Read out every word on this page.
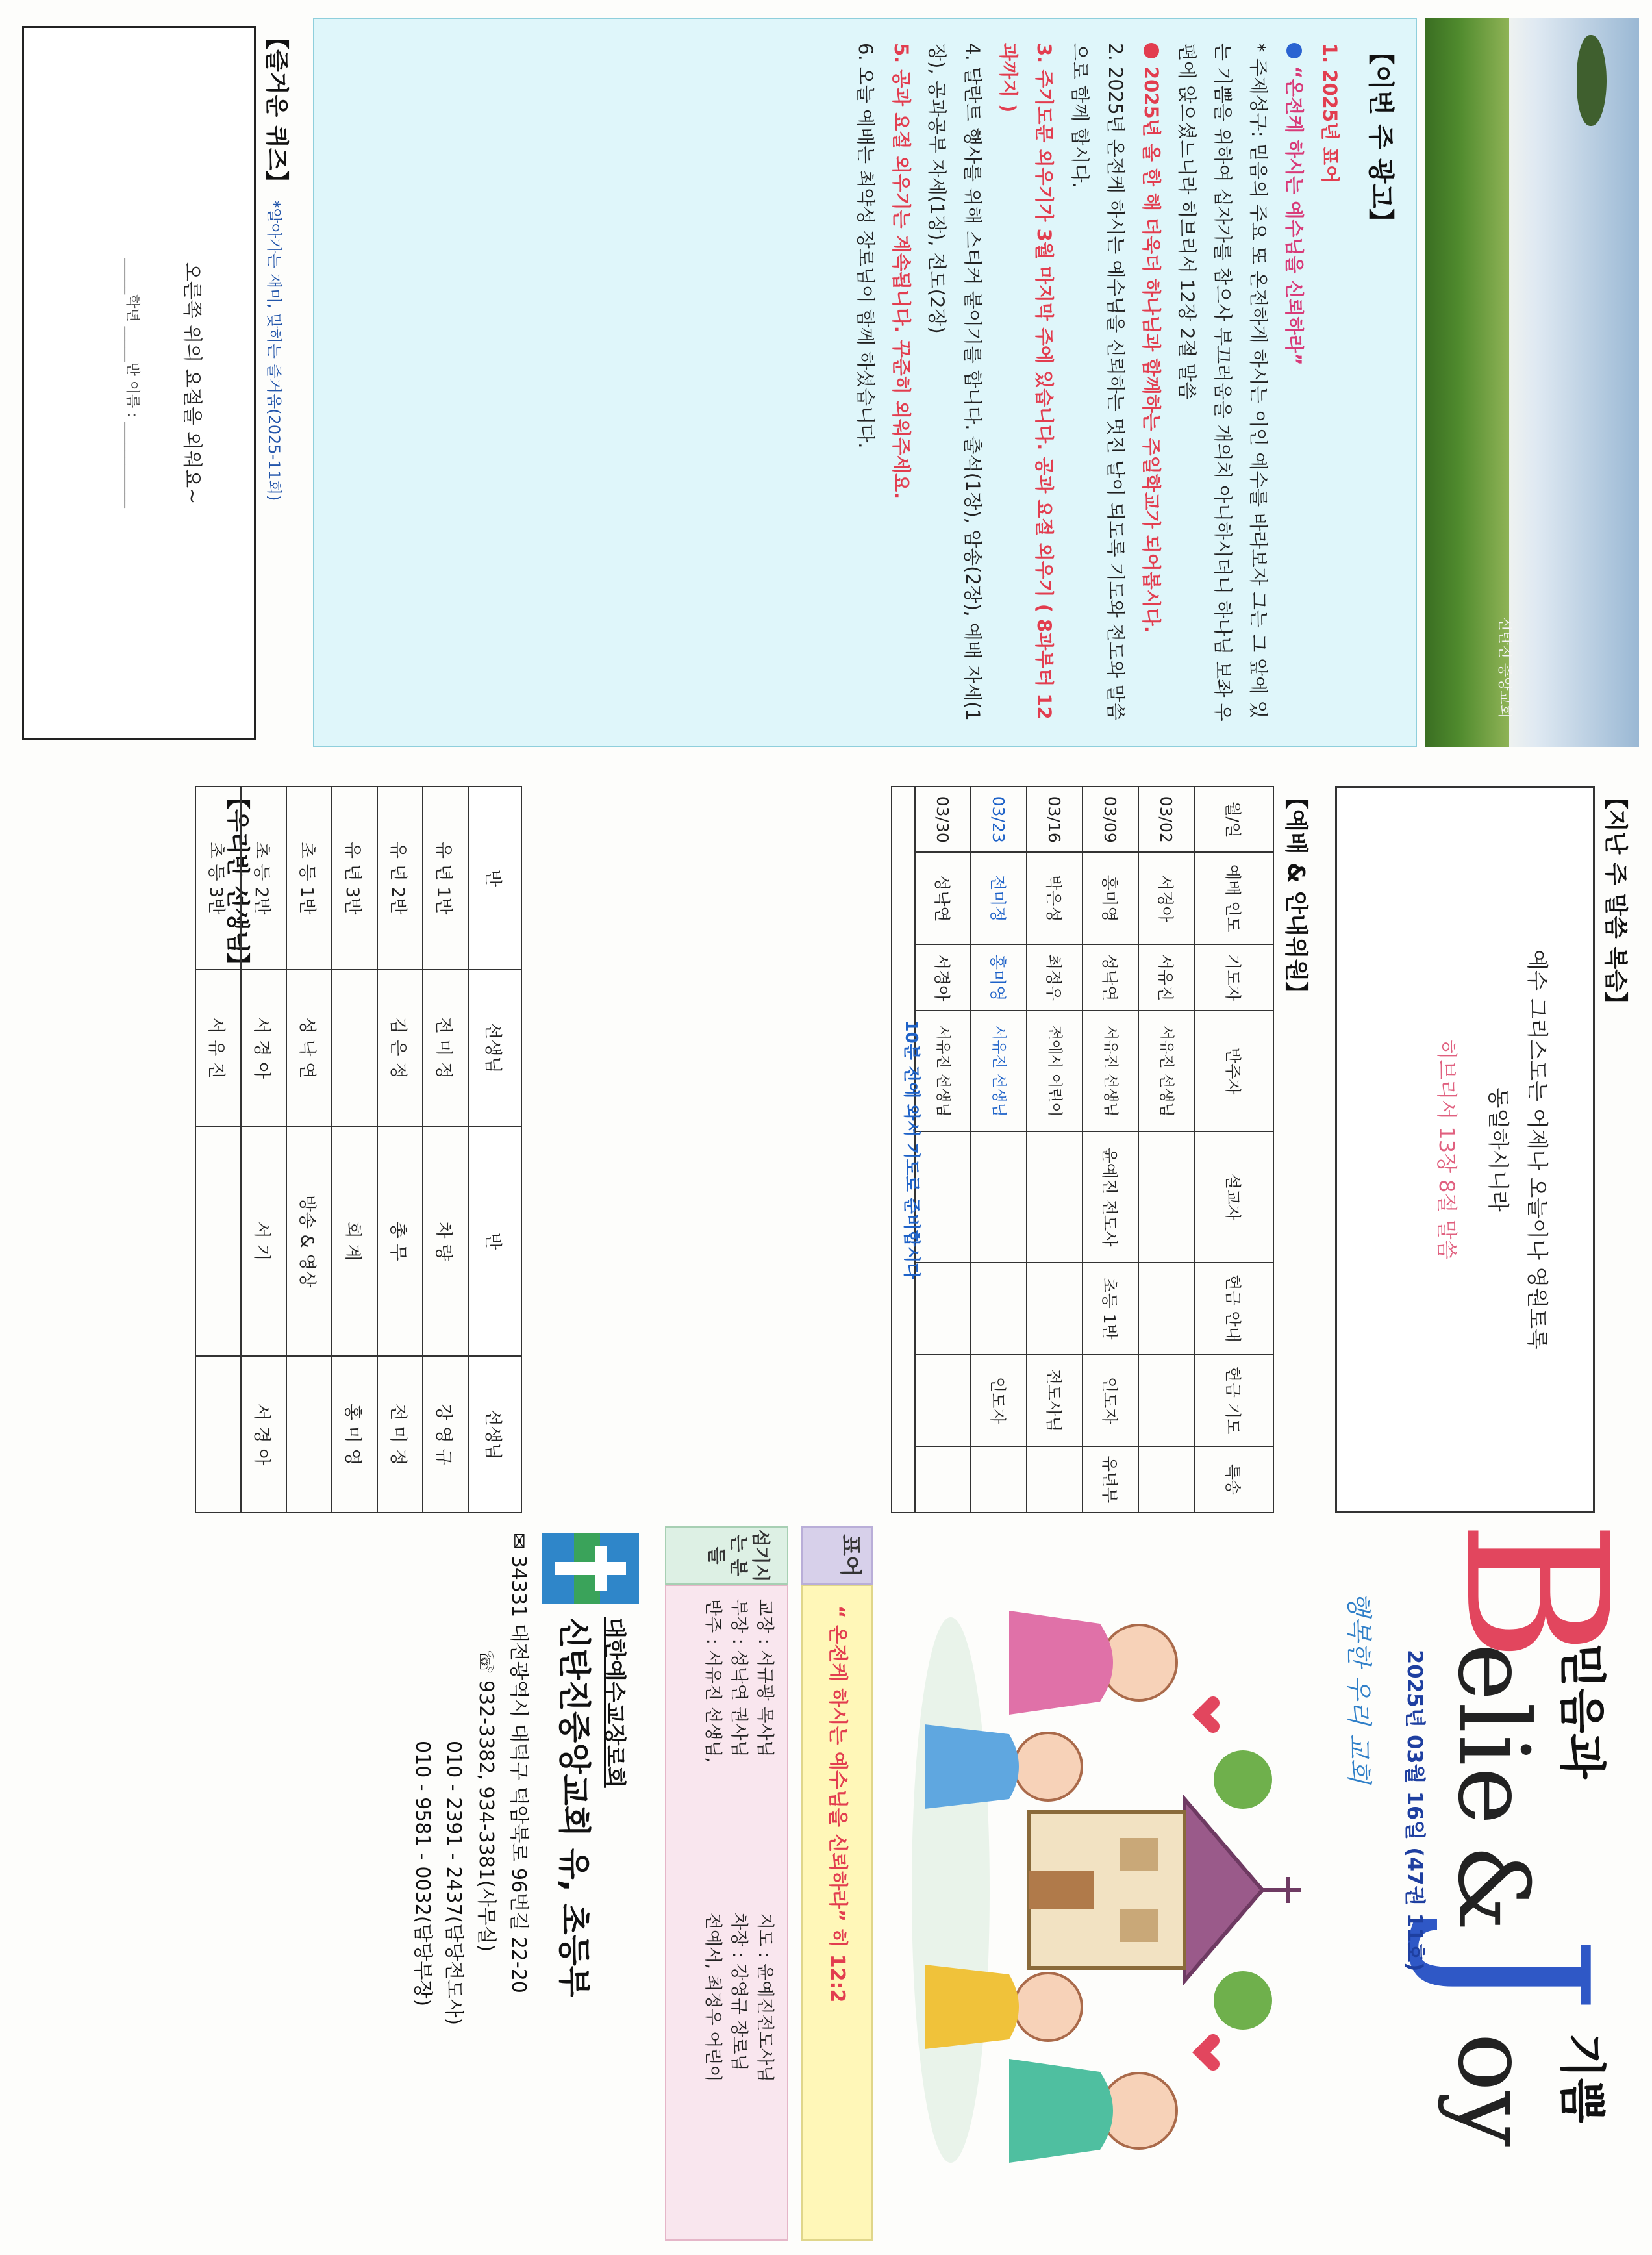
신탄진 중앙교회
【이번 주 광고】
1. 2025년 표어
“온전케 하시는 예수님을 신뢰하라”
* 주제성구: 믿음의 주요 또 온전하게 하시는 이인 예수를 바라보자 그는 그 앞에 있는 기쁨을 위하여 십자가를 참으사 부끄러움을 개의치 아니하시더니 하나님 보좌 우편에 앉으셨느니라 히브리서 12장 2절 말씀
2025년 올 한 해 더욱더 하나님과 함께하는 주일학교가 되어봅시다.
2. 2025년 온전케 하시는 예수님을 신뢰하는 멋진 날이 되도록 기도와 전도와 말씀으로 함께 합시다.
3. 주기도문 외우기가 3월 마지막 주에 있습니다. 공과 요절 외우기 ( 8과부터 12과까지 )
4. 달란트 행사를 위해 스티커 붙이기를 합니다. 출석(1장), 암송(2장), 예배 자세(1장), 공과공부 자세(1장), 전도(2장)
5. 공과 요절 외우기는 계속됩니다. 꾸준히 외워주세요.
6. 오늘 예배는 최약성 장로님이 함께 하셨습니다.
【즐거운 퀴즈】*알아가는 재미, 맞히는 즐거움(2025-11회)
오른쪽 위의 요절을 외워요~
_____학년 _____반 이름 : ____________
【지난 주 말씀 복습】
예수 그리스도는 어제나 오늘이나 영원토록
동일하시니라
히브리서 13장 8절 말씀
【예배 & 안내위원】
월/일	예배 인도	기도자	반주자	설교자	헌금 안내	헌금 기도	특송
03/02	서경아	서유진	서유진 선생님				
03/09	홍미영	성낙연	서유진 선생님	윤예진 전도사	초등 1반	인도자	유년부
03/16	박은성	최정우	전예서 어린이			전도사님	
03/23	전미정	홍미영	서유진 선생님			인도자	
03/30	성낙연	서경아	서유진 선생님				
10분 전에 와서 기도로 준비합시다
【우리반 선생님】	반	선생님	반	선생님
유 년 1반	전 미 정	차 량	강 영 규
유 년 2반	김 은 정	총 무	전 미 정
유 년 3반		회 계	홍 미 영
초 등 1반	성 낙 연	방송 & 영상	
초 등 2반	서 경 아	서 기	서 경 아
초 등 3반	서 유 진		
B
믿음과
elie
&
J
기쁨
oy
2025년 03월 16일 (47권 11호)
행복한 우리 교회
표어
“ 온전케 하시는 예수님을 신뢰하라” 히 12:2
섬기시는 분들
교장 : 서규광 목사님
지도 : 윤예진전도사님
부장 : 성낙연 권사님
차장 : 강영규 장로님
반주 : 서유진 선생님,
전예서, 최정우 어린이
대한예수교장로회
신탄진중앙교회 유, 초등부
✉ 34331 대전광역시 대덕구 덕암북로 96번길 22-20
☏ 932-3382, 934-3381(사무실)
010 - 2391 - 2437(담당전도사)
010 - 9581 - 0032(담당부장)
